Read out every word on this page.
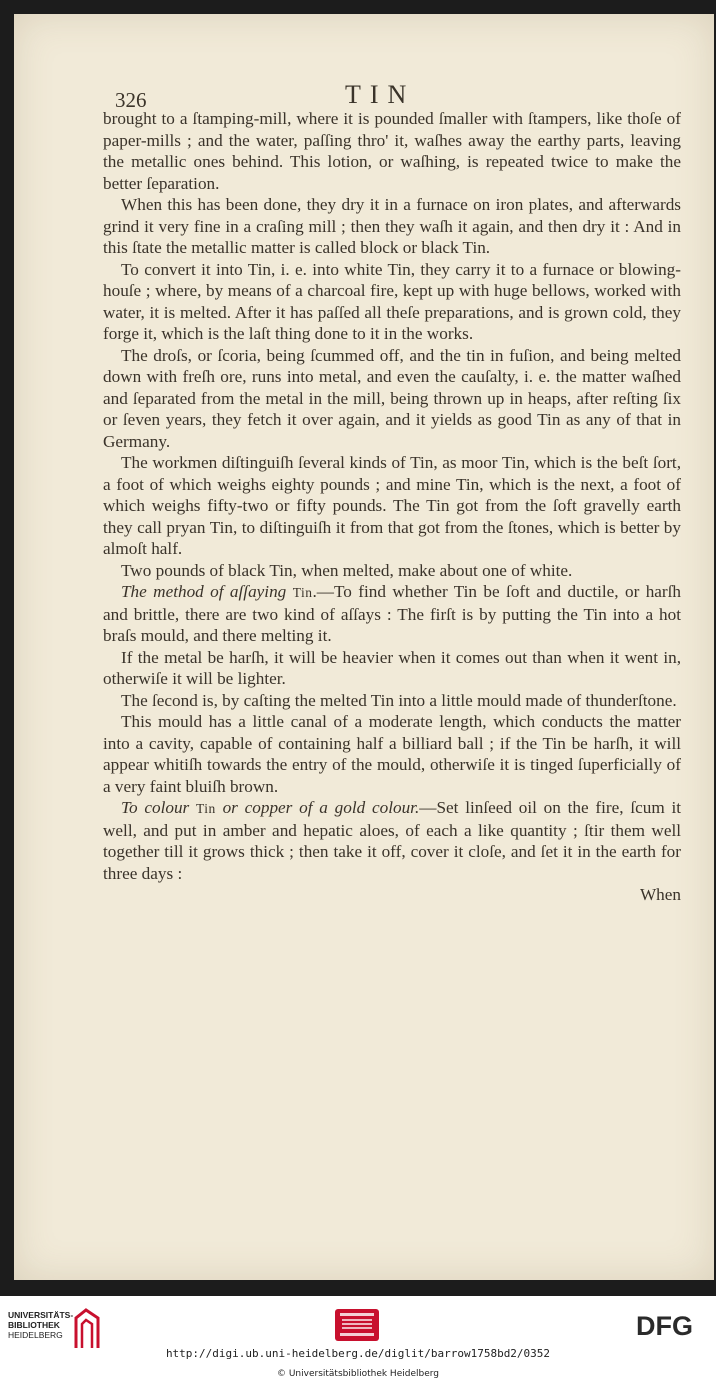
326	TIN

brought to a ſtamping-mill, where it is pounded ſmaller with ſtampers, like thoſe of paper-mills ; and the water, paſſing thro' it, waſhes away the earthy parts, leaving the metallic ones behind. This lotion, or waſhing, is repeated twice to make the better ſeparation.

When this has been done, they dry it in a furnace on iron plates, and afterwards grind it very fine in a craſing mill ; then they waſh it again, and then dry it : And in this ſtate the metallic matter is called block or black Tin.

To convert it into Tin, i. e. into white Tin, they carry it to a furnace or blowing-houſe ; where, by means of a charcoal fire, kept up with huge bellows, worked with water, it is melted. After it has paſſed all theſe preparations, and is grown cold, they forge it, which is the laſt thing done to it in the works.

The droſs, or ſcoria, being ſcummed off, and the tin in fuſion, and being melted down with freſh ore, runs into metal, and even the cauſalty, i. e. the matter waſhed and ſeparated from the metal in the mill, being thrown up in heaps, after reſting ſix or ſeven years, they fetch it over again, and it yields as good Tin as any of that in Germany.

The workmen diſtinguiſh ſeveral kinds of Tin, as moor Tin, which is the beſt ſort, a foot of which weighs eighty pounds ; and mine Tin, which is the next, a foot of which weighs fifty-two or fifty pounds. The Tin got from the ſoft gravelly earth they call pryan Tin, to diſtinguiſh it from that got from the ſtones, which is better by almoſt half.

Two pounds of black Tin, when melted, make about one of white.

The method of aſſaying Tin.—To find whether Tin be ſoft and ductile, or harſh and brittle, there are two kind of aſſays : The firſt is by putting the Tin into a hot braſs mould, and there melting it.

If the metal be harſh, it will be heavier when it comes out than when it went in, otherwiſe it will be lighter.

The ſecond is, by caſting the melted Tin into a little mould made of thunderſtone.

This mould has a little canal of a moderate length, which conducts the matter into a cavity, capable of containing half a billiard ball ; if the Tin be harſh, it will appear whitiſh towards the entry of the mould, otherwiſe it is tinged ſuperficially of a very faint bluiſh brown.

To colour Tin or copper of a gold colour.—Set linſeed oil on the fire, ſcum it well, and put in amber and hepatic aloes, of each a like quantity ; ſtir them well together till it grows thick ; then take it off, cover it cloſe, and ſet it in the earth for three days :

When

UNIVERSITÄTS-
BIBLIOTHEK
HEIDELBERG	DFG
http://digi.ub.uni-heidelberg.de/diglit/barrow1758bd2/0352
© Universitätsbibliothek Heidelberg
